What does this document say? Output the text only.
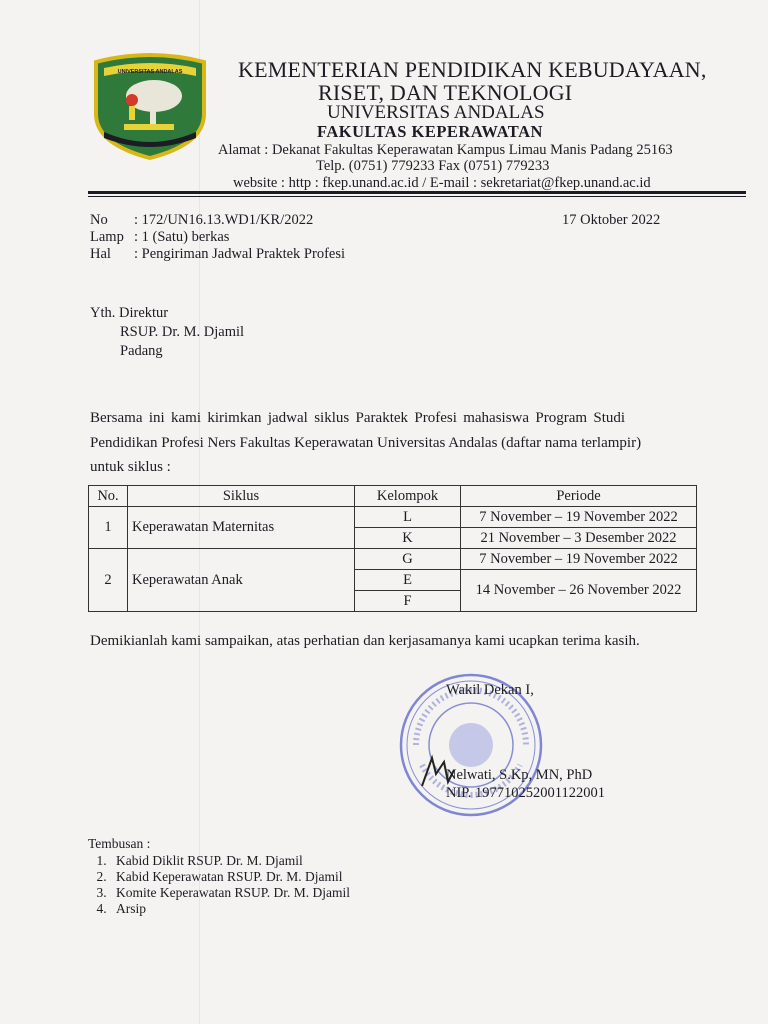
UNIVERSITAS ANDALAS	KEMENTERIAN PENDIDIKAN KEBUDAYAAN,
RISET, DAN TEKNOLOGI
UNIVERSITAS ANDALAS
FAKULTAS KEPERAWATAN
Alamat : Dekanat Fakultas Keperawatan Kampus Limau Manis Padang 25163
Telp. (0751) 779233 Fax (0751) 779233
website : http : fkep.unand.ac.id / E-mail : sekretariat@fkep.unand.ac.id
No : 172/UN16.13.WD1/KR/2022
Lamp : 1 (Satu) berkas
Hal : Pengiriman Jadwal Praktek Profesi
17 Oktober 2022
Yth. Direktur
RSUP. Dr. M. Djamil
Padang
Bersama ini kami kirimkan jadwal siklus Paraktek Profesi mahasiswa Program Studi
Pendidikan Profesi Ners Fakultas Keperawatan Universitas Andalas (daftar nama terlampir)
untuk siklus :
No.	Siklus	Kelompok	Periode
1	Keperawatan Maternitas	L	7 November – 19 November 2022
		K	21 November – 3 Desember 2022
2	Keperawatan Anak	G	7 November – 19 November 2022
		E	14 November – 26 November 2022
		F	
Demikianlah kami sampaikan, atas perhatian dan kerjasamanya kami ucapkan terima kasih.
Wakil Dekan I,
Nelwati, S.Kp, MN, PhD
NIP. 197710252001122001
Tembusan :
1. Kabid Diklit RSUP. Dr. M. Djamil
2. Kabid Keperawatan RSUP. Dr. M. Djamil
3. Komite Keperawatan RSUP. Dr. M. Djamil
4. Arsip
